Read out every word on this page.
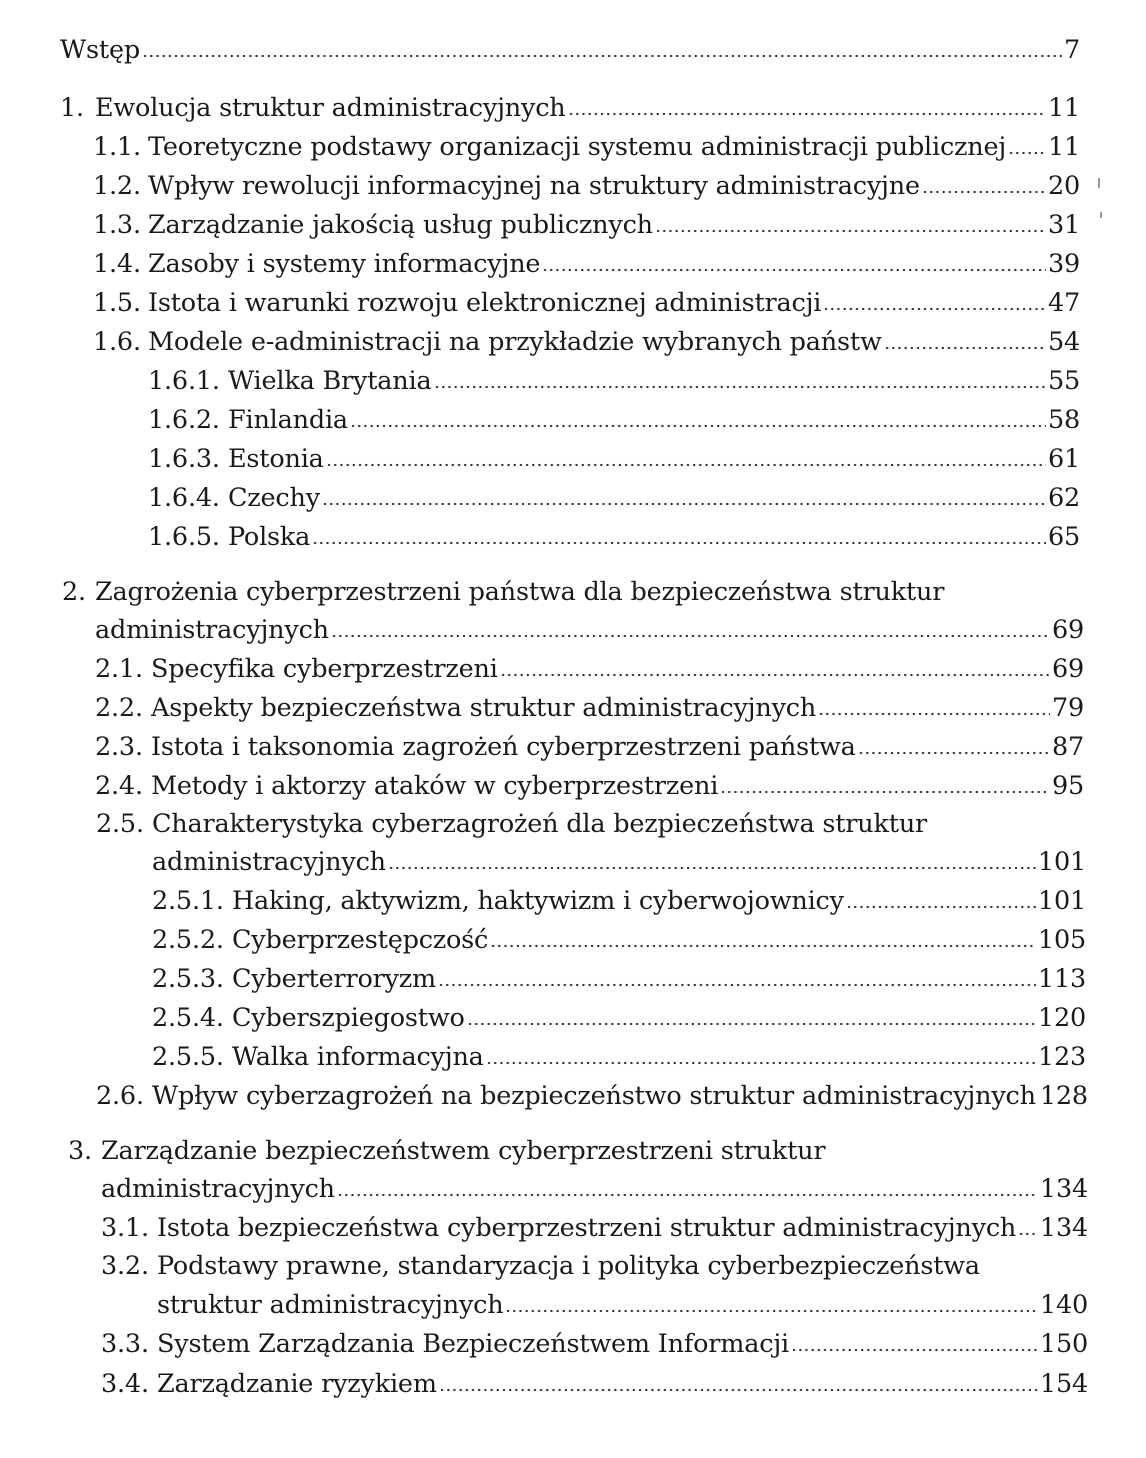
Wstęp	7
1. Ewolucja struktur administracyjnych	11
1.1. Teoretyczne podstawy organizacji systemu administracji publicznej 11
1.2. Wpływ rewolucji informacyjnej na struktury administracyjne	20
1.3. Zarządzanie jakością usług publicznych	31
1.4. Zasoby i systemy informacyjne	39
1.5. Istota i warunki rozwoju elektronicznej administracji	47
1.6. Modele e-administracji na przykładzie wybranych państw	54
1.6.1. Wielka Brytania	55
1.6.2. Finlandia	58
1.6.3. Estonia	61
1.6.4. Czechy	62
1.6.5. Polska	65
2. Zagrożenia cyberprzestrzeni państwa dla bezpieczeństwa struktur
administracyjnych	69
2.1. Specyfika cyberprzestrzeni	69
2.2. Aspekty bezpieczeństwa struktur administracyjnych	79
2.3. Istota i taksonomia zagrożeń cyberprzestrzeni państwa	87
2.4. Metody i aktorzy ataków w cyberprzestrzeni	95
2.5. Charakterystyka cyberzagrożeń dla bezpieczeństwa struktur
administracyjnych	101
2.5.1. Haking, aktywizm, haktywizm i cyberwojownicy	101
2.5.2. Cyberprzestępczość	105
2.5.3. Cyberterroryzm	113
2.5.4. Cyberszpiegostwo	120
2.5.5. Walka informacyjna	123
2.6. Wpływ cyberzagrożeń na bezpieczeństwo struktur administracyjnych 128
3. Zarządzanie bezpieczeństwem cyberprzestrzeni struktur
administracyjnych	134
3.1. Istota bezpieczeństwa cyberprzestrzeni struktur administracyjnych 134
3.2. Podstawy prawne, standaryzacja i polityka cyberbezpieczeństwa
struktur administracyjnych	140
3.3. System Zarządzania Bezpieczeństwem Informacji	150
3.4. Zarządzanie ryzykiem	154
